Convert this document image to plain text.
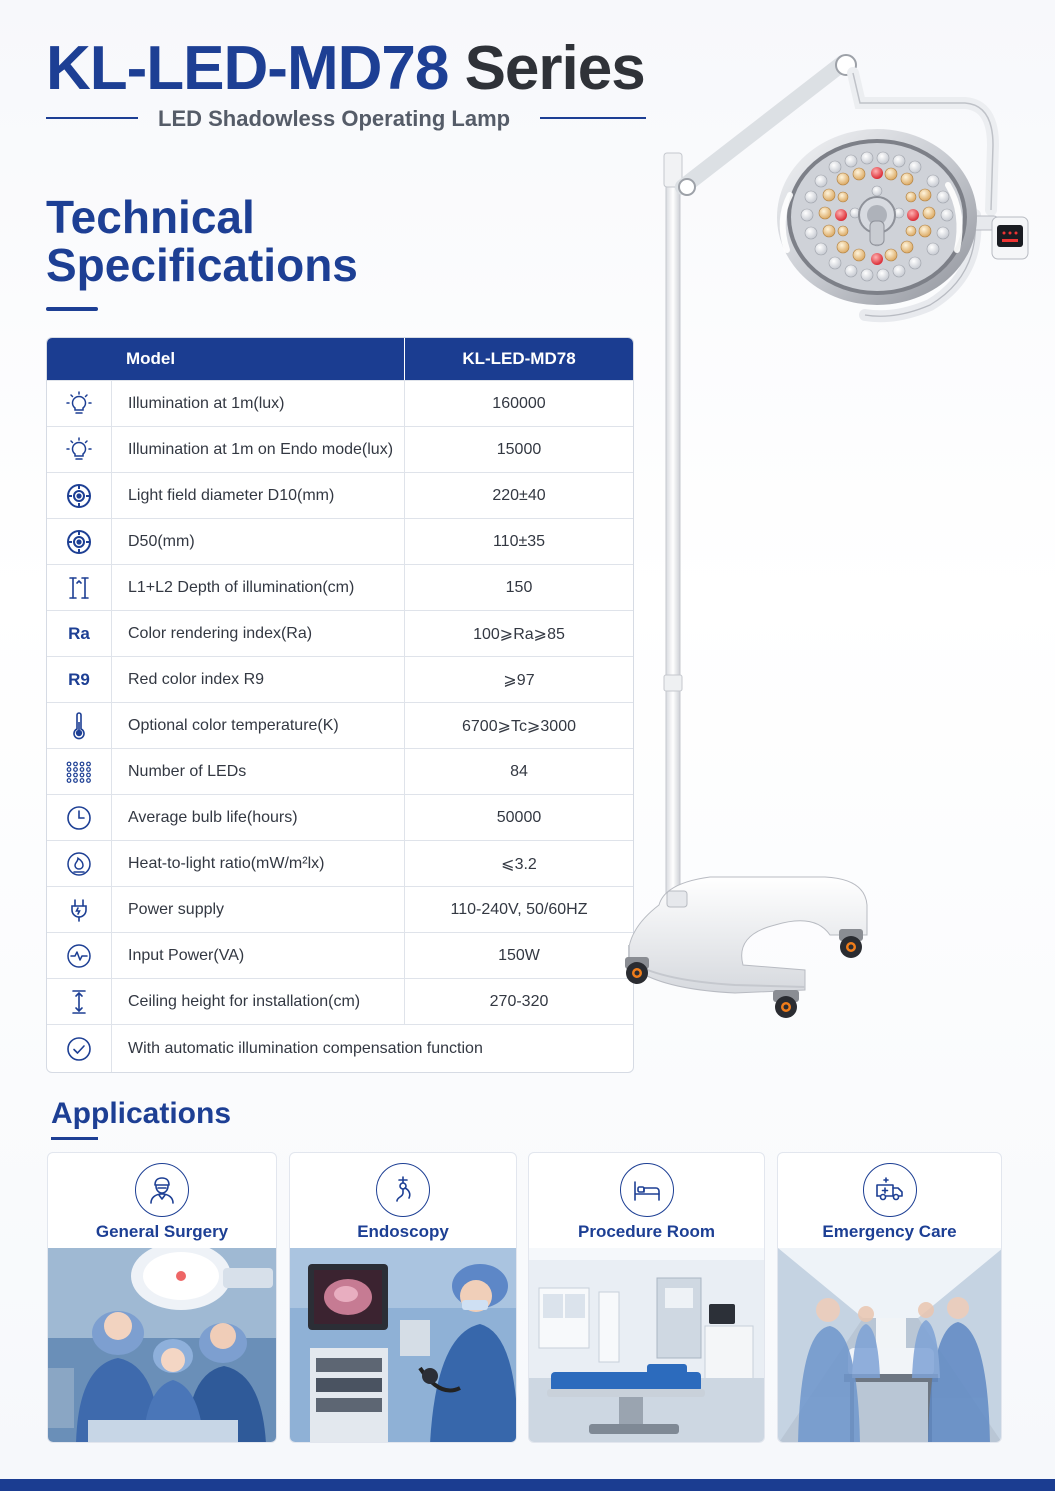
KL-LED-MD78 Series
LED Shadowless Operating Lamp
Technical
Specifications
Model	KL-LED-MD78
Illumination at 1m(lux)	160000
Illumination at 1m on Endo mode(lux)	15000
Light field diameter D10(mm)	220±40
D50(mm)	110±35
L1+L2 Depth of illumination(cm)	150
Ra	Color rendering index(Ra)	100⩾Ra⩾85
R9	Red color index R9	⩾97
Optional color temperature(K)	6700⩾Tc⩾3000
Number of LEDs	84
Average bulb life(hours)	50000
Heat-to-light ratio(mW/m²lx)	⩽3.2
Power supply	110-240V, 50/60HZ
Input Power(VA)	150W
Ceiling height for installation(cm)	270-320
With automatic illumination compensation function
Applications
General Surgery	Endoscopy	Procedure Room	Emergency Care
